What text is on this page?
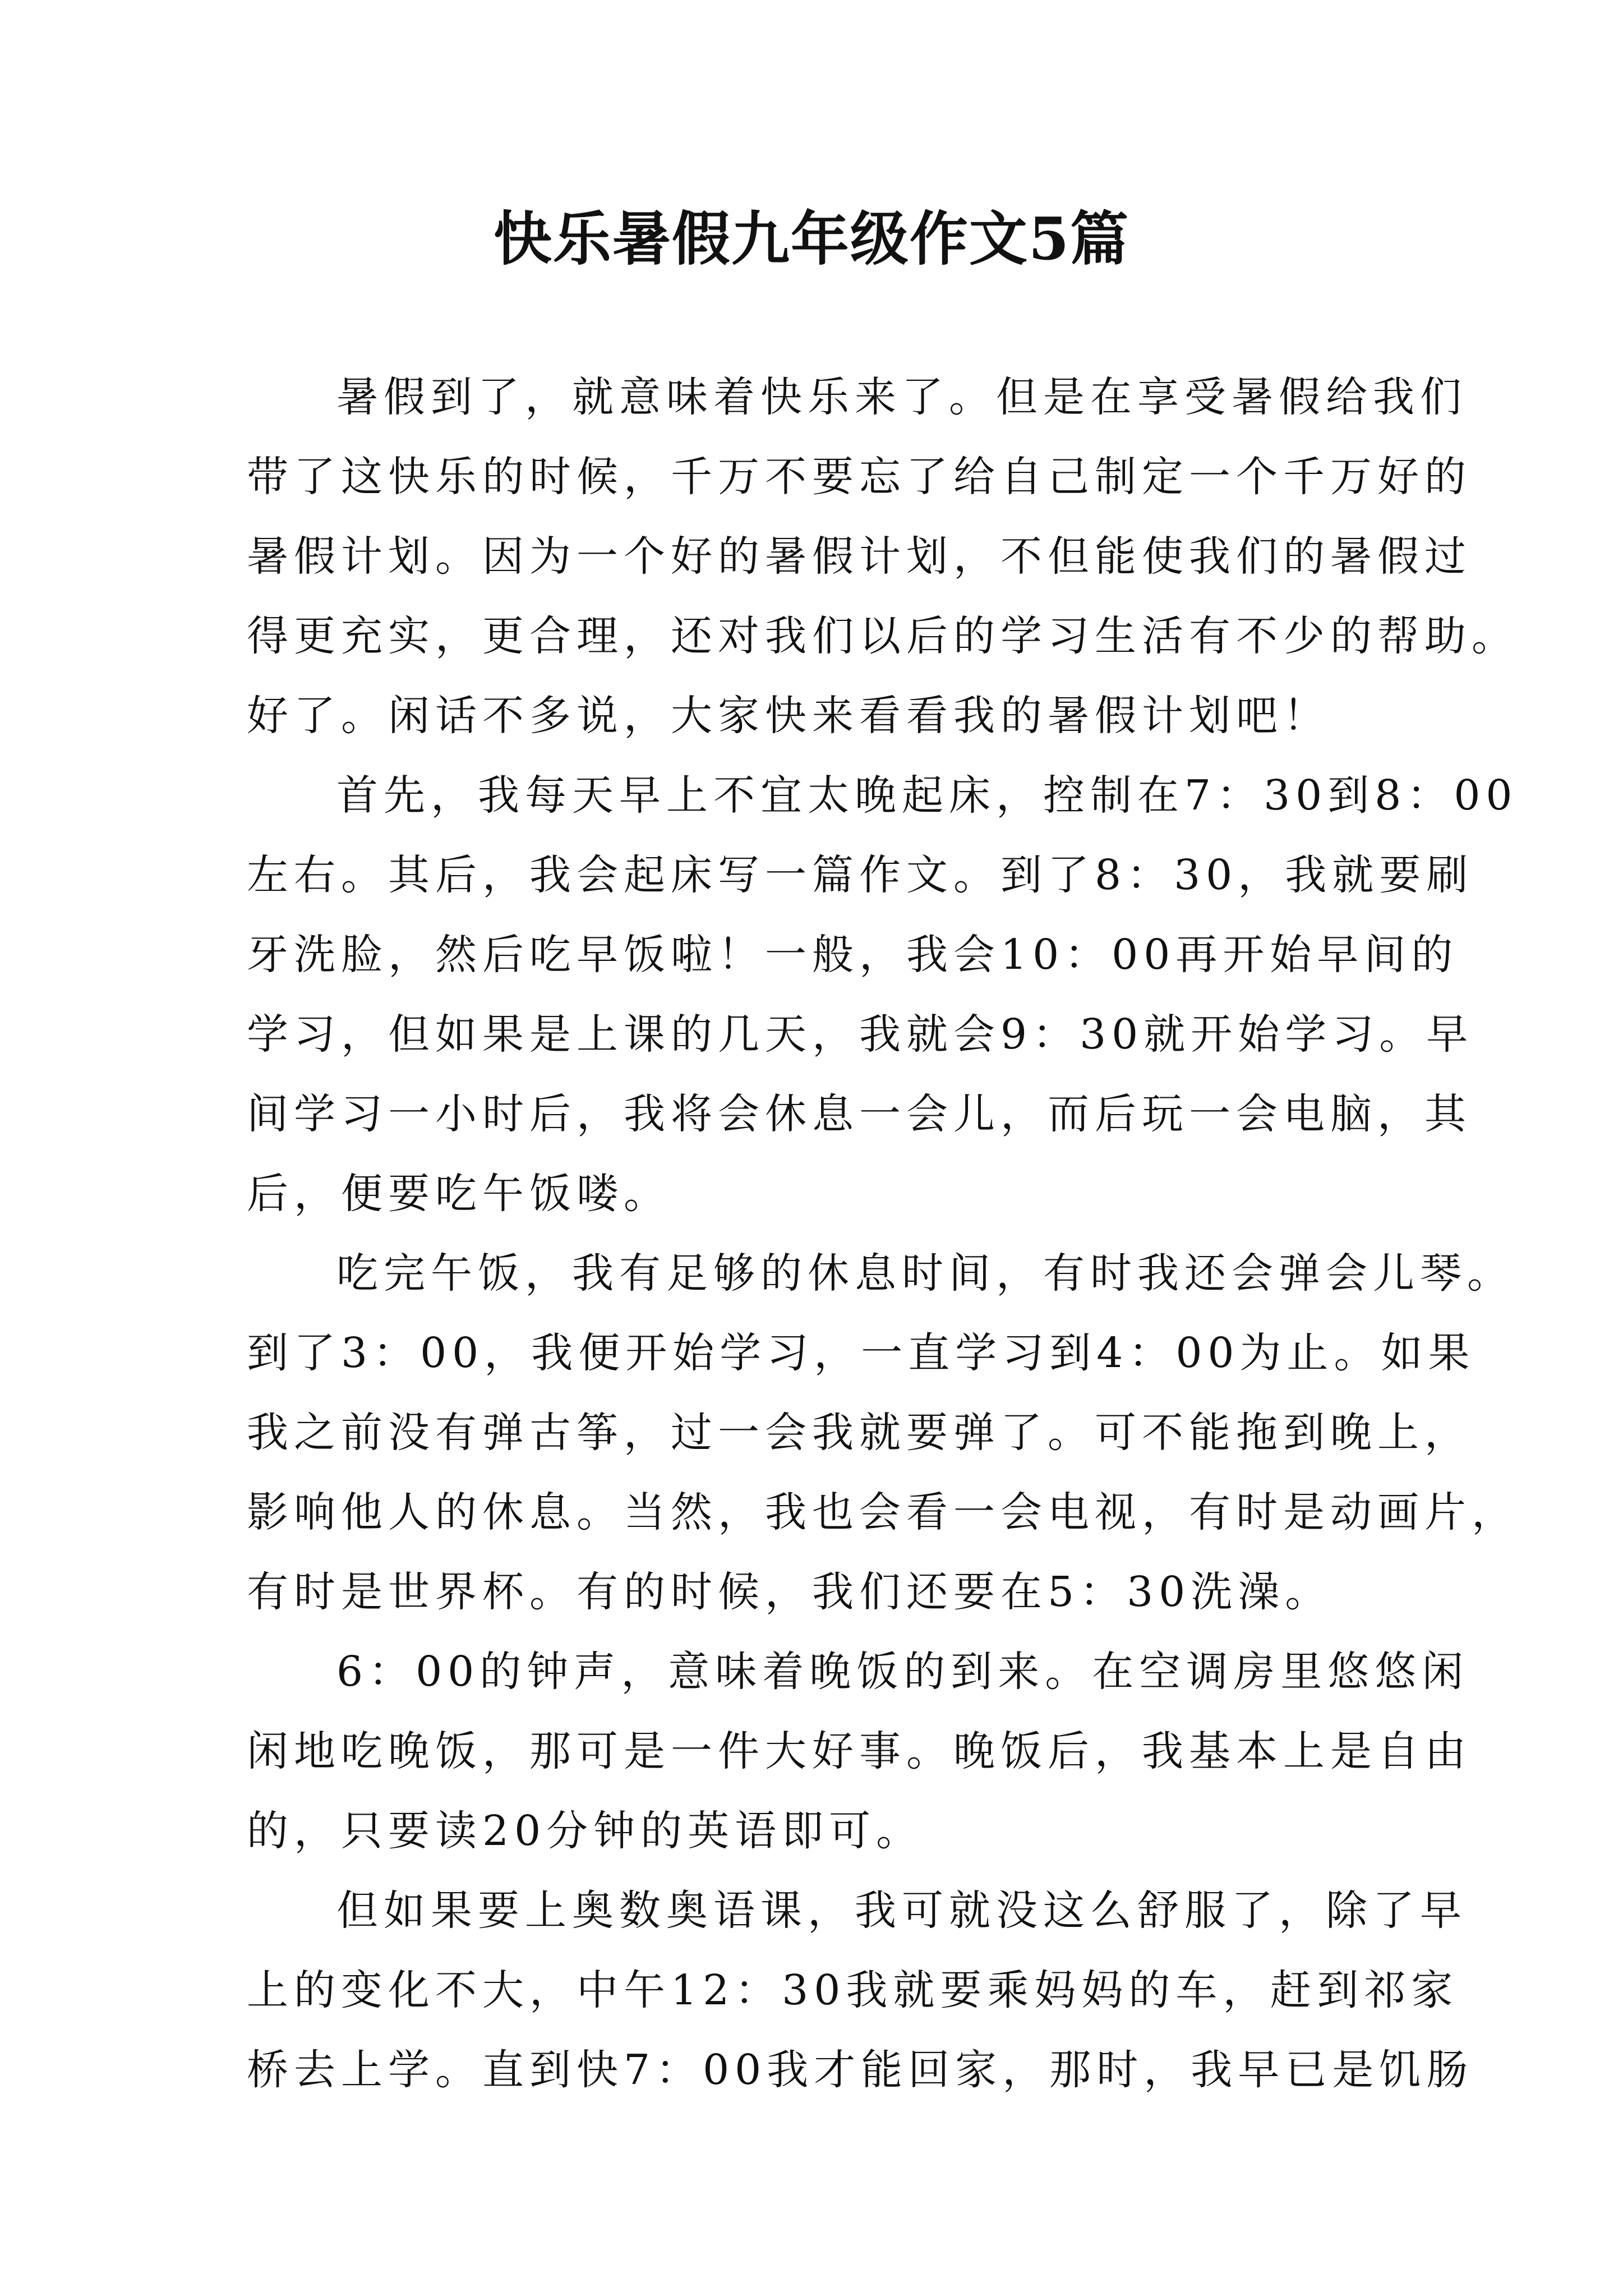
快乐暑假九年级作文5篇
暑假到了，就意味着快乐来了。但是在享受暑假给我们
带了这快乐的时候，千万不要忘了给自己制定一个千万好的
暑假计划。因为一个好的暑假计划，不但能使我们的暑假过
得更充实，更合理，还对我们以后的学习生活有不少的帮助。
好了。闲话不多说，大家快来看看我的暑假计划吧！
首先，我每天早上不宜太晚起床，控制在7：30到8：00
左右。其后，我会起床写一篇作文。到了8：30，我就要刷
牙洗脸，然后吃早饭啦！一般，我会10：00再开始早间的
学习，但如果是上课的几天，我就会9：30就开始学习。早
间学习一小时后，我将会休息一会儿，而后玩一会电脑，其
后，便要吃午饭喽。
吃完午饭，我有足够的休息时间，有时我还会弹会儿琴。
到了3：00，我便开始学习，一直学习到4：00为止。如果
我之前没有弹古筝，过一会我就要弹了。可不能拖到晚上，
影响他人的休息。当然，我也会看一会电视，有时是动画片，
有时是世界杯。有的时候，我们还要在5：30洗澡。
6：00的钟声，意味着晚饭的到来。在空调房里悠悠闲
闲地吃晚饭，那可是一件大好事。晚饭后，我基本上是自由
的，只要读20分钟的英语即可。
但如果要上奥数奥语课，我可就没这么舒服了，除了早
上的变化不大，中午12：30我就要乘妈妈的车，赶到祁家
桥去上学。直到快7：00我才能回家，那时，我早已是饥肠
